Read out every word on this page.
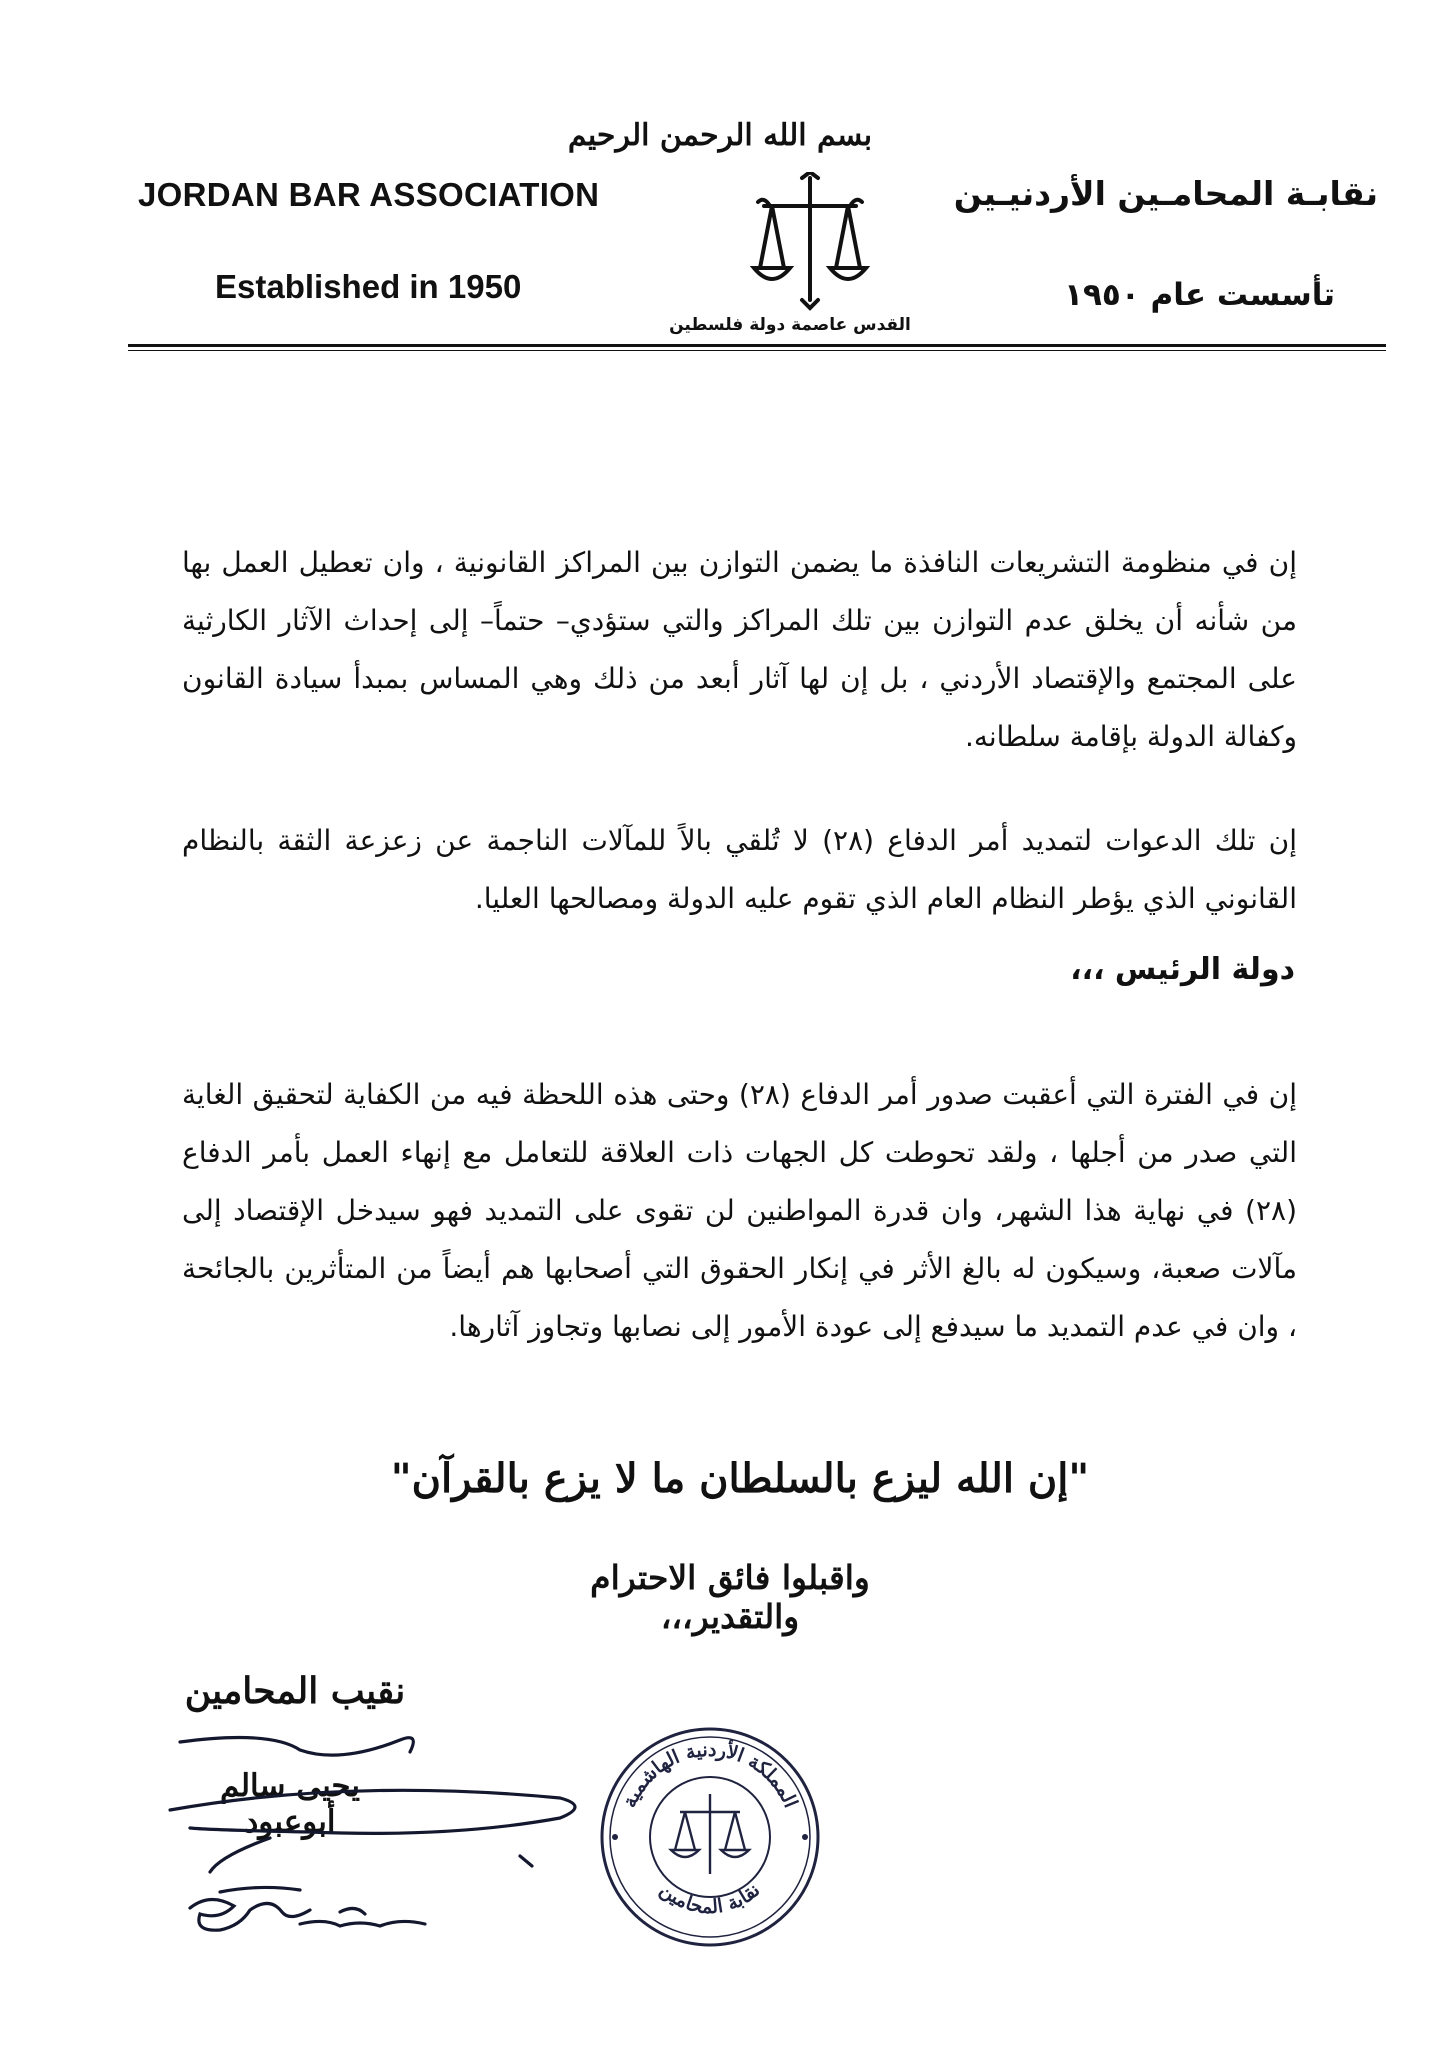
بسم الله الرحمن الرحيم
JORDAN BAR ASSOCIATION
Established in 1950
نقابـة المحامـين الأردنيـين
تأسست عام ١٩٥٠
القدس عاصمة دولة فلسطين

إن في منظومة التشريعات النافذة ما يضمن التوازن بين المراكز القانونية ، وان تعطيل العمل بها من شأنه أن يخلق عدم التوازن بين تلك المراكز والتي ستؤدي– حتماً– إلى إحداث الآثار الكارثية على المجتمع والإقتصاد الأردني ، بل إن لها آثار أبعد من ذلك وهي المساس بمبدأ سيادة القانون وكفالة الدولة بإقامة سلطانه.

إن تلك الدعوات لتمديد أمر الدفاع (٢٨) لا تُلقي بالاً للمآلات الناجمة عن زعزعة الثقة بالنظام القانوني الذي يؤطر النظام العام الذي تقوم عليه الدولة ومصالحها العليا.

دولة الرئيس ،،،

إن في الفترة التي أعقبت صدور أمر الدفاع (٢٨) وحتى هذه اللحظة فيه من الكفاية لتحقيق الغاية التي صدر من أجلها ، ولقد تحوطت كل الجهات ذات العلاقة للتعامل مع إنهاء العمل بأمر الدفاع (٢٨) في نهاية هذا الشهر، وان قدرة المواطنين لن تقوى على التمديد فهو سيدخل الإقتصاد إلى مآلات صعبة، وسيكون له بالغ الأثر في إنكار الحقوق التي أصحابها هم أيضاً من المتأثرين بالجائحة ، وان في عدم التمديد ما سيدفع إلى عودة الأمور إلى نصابها وتجاوز آثارها.

"إن الله ليزع بالسلطان ما لا يزع بالقرآن"
واقبلوا فائق الاحترام والتقدير،،،
نقيب المحامين
يحيى سالم أبوعبود
المملكة الأردنية الهاشمية
نقابة المحامين
